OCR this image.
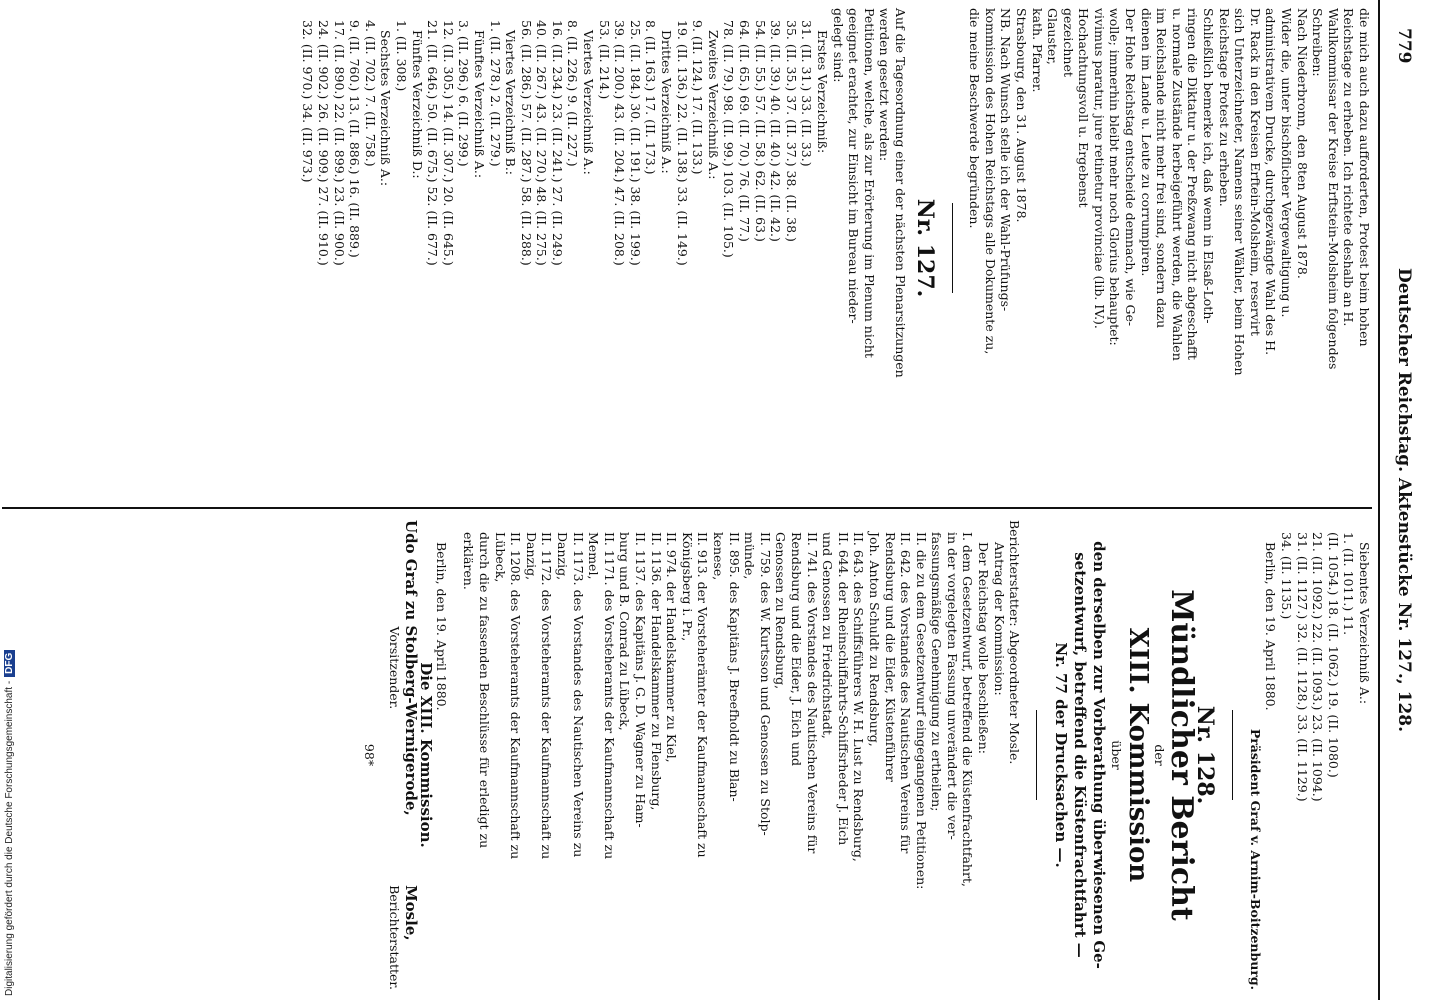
Digitalisierung gefördert durch die Deutsche Forschungsgemeinschaft -DFG
779
Deutscher Reichstag. Aktenstücke Nr. 127., 128.

die mich auch dazu aufforderten, Protest beim hohen

Reichstage zu erheben. Ich richtete deshalb an H.

Wahlkommissar der Kreise Erftstein-Molsheim folgendes

Schreiben:

Nach Niederbronn, den 8ten August 1878.

Wider die, unter bischöflicher Vergewaltigung u.

administrativem Drucke, durchgezwängte Wahl des H.

Dr. Rack in den Kreisen Erftein-Molsheim, reservirt

sich Unterzeichneter, Namens seiner Wähler, beim Hohen

Reichstage Protest zu erheben.

Schließlich bemerke ich, daß wenn in Elsaß-Loth-

ringen die Diktatur u. der Preßzwang nicht abgeschafft

u. normale Zustände herbeigeführt werden, die Wahlen

im Reichslande nicht mehr frei sind, sondern dazu

dienen im Lande u. Leute zu corrumpiren.

Der Hohe Reichstag entscheide demnach, wie Ge-

wolle; immerhin bleibt mehr noch Glorius behauptet:

vivimus paratur, jure retinetur provinciae (lib. IV.).

Hochachtungsvoll u. Ergebenst

gezeichnet

Glauster,

kath. Pfarrer.

Strasbourg, den 31. August 1878.

NB. Nach Wunsch stelle ich der Wahl-Prüfungs-

kommission des Hohen Reichstags alle Dokumente zu,

die meine Beschwerde begründen.

Nr. 127.

Auf die Tagesordnung einer der nächsten Plenarsitzungen

werden gesetzt werden:

Petitionen, welche, als zur Erörterung im Plenum nicht

geeignet erachtet, zur Einsicht im Bureau nieder-

gelegt sind:

Erstes Verzeichniß:

31. (II. 31.) 33. (II. 33.)

35. (II. 35.) 37. (II. 37.) 38. (II. 38.)

39. (II. 39.) 40. (II. 40.) 42. (II. 42.)

54. (II. 55.) 57. (II. 58.) 62. (II. 63.)

64. (II. 65.) 69. (II. 70.) 76. (II. 77.)

78. (II. 79.) 98. (II. 99.) 103. (II. 105.)

Zweites Verzeichniß A.:

9. (II. 124.) 17. (II. 133.)

19. (II. 136.) 22. (II. 138.) 33. (II. 149.)

Drittes Verzeichniß A.:

8. (II. 163.) 17. (II. 173.)

25. (II. 184.) 30. (II. 191.) 38. (II. 199.)

39. (II. 200.) 43. (II. 204.) 47. (II. 208.)

53. (II. 214.)

Viertes Verzeichniß A.:

8. (II. 226.) 9. (II. 227.)

16. (II. 234.) 23. (II. 241.) 27. (II. 249.)

40. (II. 267.) 43. (II. 270.) 48. (II. 275.)

56. (II. 286.) 57. (II. 287.) 58. (II. 288.)

Viertes Verzeichniß B.:

1. (II. 278.) 2. (II. 279.)

Fünftes Verzeichniß A.:

3. (II. 296.) 6. (II. 299.)

12. (II. 305.) 14. (II. 307.) 20. (II. 645.)

21. (II. 646.) 50. (II. 675.) 52. (II. 677.)

Fünftes Verzeichniß D.:

1. (II. 308.)

Sechstes Verzeichniß A.:

4. (II. 702.) 7. (II. 758.)

9. (II. 760.) 13. (II. 886.) 16. (II. 889.)

17. (II. 890.) 22. (II. 899.) 23. (II. 900.)

24. (II. 902.) 26. (II. 909.) 27. (II. 910.)

32. (II. 970.) 34. (II. 973.)

Siebentes Verzeichniß A.:

1. (II. 1011.) 11.

(II. 1054.) 18. (II. 1062.) 19. (II. 1080.)

21. (II. 1092.) 22. (II. 1093.) 23. (II. 1094.)

31. (II. 1127.) 32. (II. 1128.) 33. (II. 1129.)

34. (II. 1135.)

Berlin, den 19. April 1880.

Präsident Graf v. Arnim-Boitzenburg.

Nr. 128.
Mündlicher Bericht

der

XIII. Kommission

über

den derselben zur Vorberathung überwiesenen Ge-

setzentwurf, betreffend die Küstenfrachtfahrt —

Nr. 77 der Drucksachen —.

Berichterstatter: Abgeordneter Mosle.

Antrag der Kommission:

Der Reichstag wolle beschließen:

I. dem Gesetzentwurf, betreffend die Küstenfrachtfahrt,

in der vorgelegten Fassung unverändert die ver-

fassungsmäßige Genehmigung zu ertheilen;

II. die zu dem Gesetzentwurf eingegangenen Petitionen:

II. 642. des Vorstandes des Nautischen Vereins für

Rendsburg und die Eider, Küstenführer

Joh. Anton Schuldt zu Rendsburg,

II. 643. des Schiffsführers W. H. Lust zu Rendsburg,

II. 644. der Rheinschiffahrts-Schiffsrheder J. Eich

und Genossen zu Friedrichstadt,

II. 741. des Vorstandes des Nautischen Vereins für

Rendsburg und die Eider, J. Eich und

Genossen zu Rendsburg,

II. 759. des W. Kurtsson und Genossen zu Stolp-

münde,

II. 895. des Kapitäns J. Breefholdt zu Blan-

kenese,

II. 913. der Vorsteherämter der Kaufmannschaft zu

Königsberg i. Pr.,

II. 974. der Handelskammer zu Kiel,

II. 1136. der Handelskammer zu Flensburg,

II. 1137. des Kapitäns J. G. D. Wagner zu Ham-

burg und B. Conrad zu Lübeck,

II. 1171. des Vorsteheramts der Kaufmannschaft zu

Memel,

II. 1173. des Vorstandes des Nautischen Vereins zu

Danzig,

II. 1172. des Vorsteheramts der Kaufmannschaft zu

Danzig,

II. 1208. des Vorsteheramts der Kaufmannschaft zu

Lübeck,

durch die zu fassenden Beschlüsse für erledigt zu

erklären.

Berlin, den 19. April 1880.

Die XIII. Kommission.

Udo Graf zu Stolberg-Wernigerode,

Vorsitzender.

Mosle,

Berichterstatter.

98*
